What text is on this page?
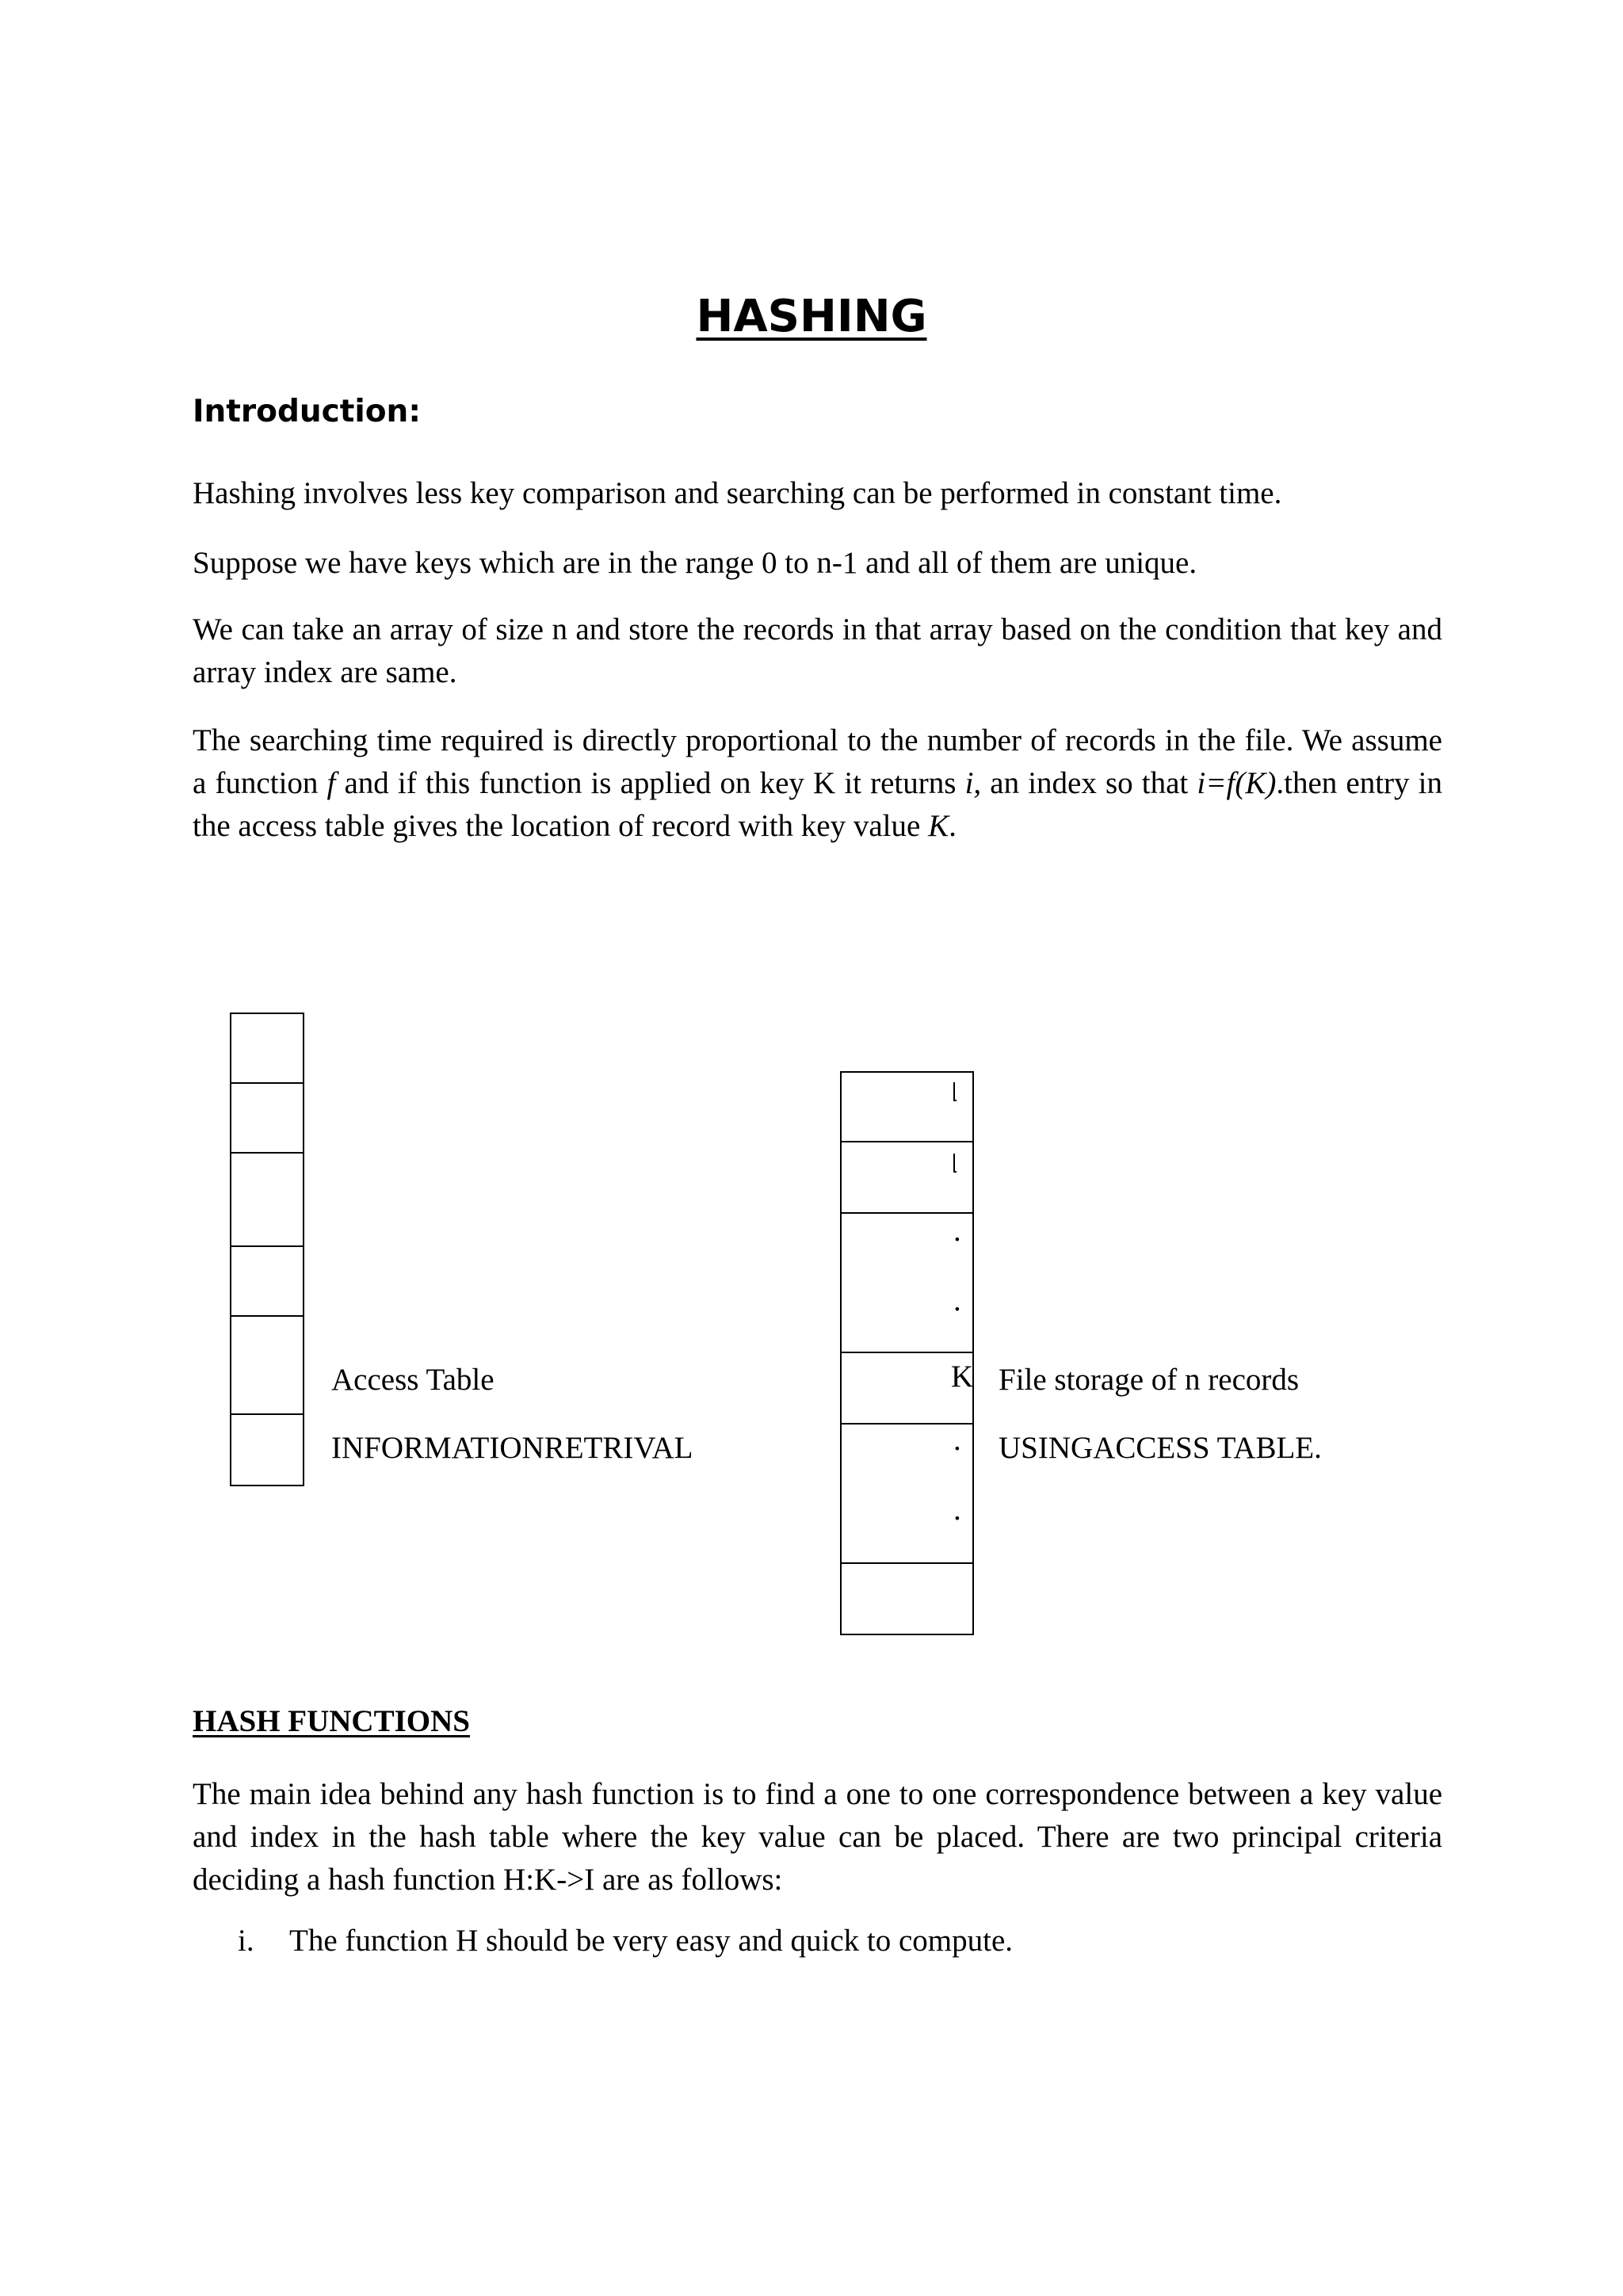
HASHING
Introduction:

Hashing involves less key comparison and searching can be performed in constant time.

Suppose we have keys which are in the range 0 to n-1 and all of them are unique.

We can take an array of size n and store the records in that array based on the condition that key and array index are same.

The searching time required is directly proportional to the number of records in the file. We assume a function f and if this function is applied on key K it returns i, an index so that i=f(K).then entry in the access table gives the location of record with key value K.

Access Table
INFORMATIONRETRIVAL
.
.
K
.
.
File storage of n records
USINGACCESS TABLE.
HASH FUNCTIONS

The main idea behind any hash function is to find a one to one correspondence between a key value and index in the hash table where the key value can be placed. There are two principal criteria deciding a hash function H:K->I are as follows:

i. The function H should be very easy and quick to compute.
